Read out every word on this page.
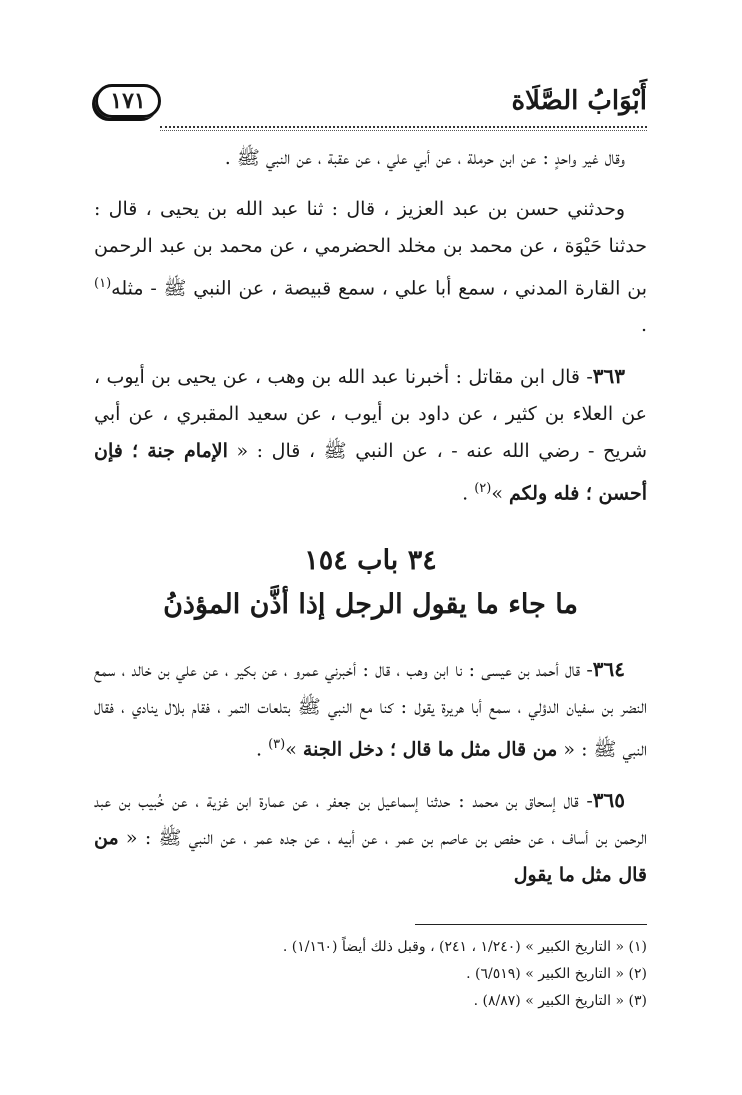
أَبْوَابُ الصَّلَاة
١٧١

وقال غير واحدٍ : عن ابن حرملة ، عن أبي علي ، عن عقبة ، عن النبي ﷺ .

وحدثني حسن بن عبد العزيز ، قال : ثنا عبد الله بن يحيى ، قال : حدثنا حَيْوَة ، عن محمد بن مخلد الحضرمي ، عن محمد بن عبد الرحمن بن القارة المدني ، سمع أبا علي ، سمع قبيصة ، عن النبي ﷺ - مثله$^{(١)}$ .

٣٦٣- قال ابن مقاتل : أخبرنا عبد الله بن وهب ، عن يحيى بن أيوب ، عن العلاء بن كثير ، عن داود بن أيوب ، عن سعيد المقبري ، عن أبي شريح - رضي الله عنه - ، عن النبي ﷺ ، قال : « الإمام جنة ؛ فإن أحسن ؛ فله ولكم »$^{(٢)}$ .

٣٤ باب ١٥٤
ما جاء ما يقول الرجل إذا أذَّن المؤذنُ

٣٦٤- قال أحمد بن عيسى : نا ابن وهب ، قال : أخبرني عمرو ، عن بكير ، عن علي بن خالد ، سمع النضر بن سفيان الدؤلي ، سمع أبا هريرة يقول : كنا مع النبي ﷺ بتلعات التمر ، فقام بلال ينادي ، فقال النبي ﷺ : « من قال مثل ما قال ؛ دخل الجنة »$^{(٣)}$ .

٣٦٥- قال إسحاق بن محمد : حدثنا إسماعيل بن جعفر ، عن عمارة ابن غزية ، عن خُبيب بن عبد الرحمن بن أساف ، عن حفص بن عاصم بن عمر ، عن أبيه ، عن جده عمر ، عن النبي ﷺ : « من قال مثل ما يقول

(١) « التاريخ الكبير » (١/٢٤٠ ، ٢٤١) ، وقبل ذلك أيضاً (١/١٦٠) .
(٢) « التاريخ الكبير » (٦/٥١٩) .
(٣) « التاريخ الكبير » (٨/٨٧) .
